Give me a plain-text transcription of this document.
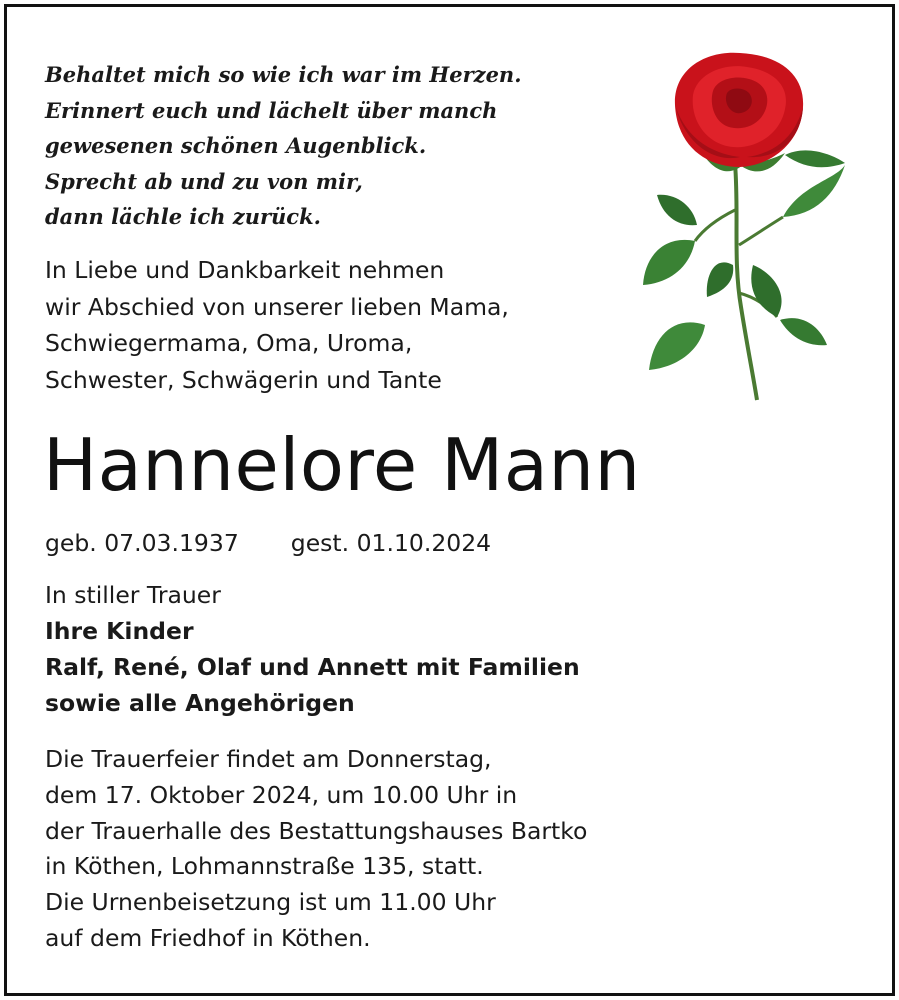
Behaltet mich so wie ich war im Herzen.
Erinnert euch und lächelt über manch
gewesenen schönen Augenblick.
Sprecht ab und zu von mir,
dann lächle ich zurück.
In Liebe und Dankbarkeit nehmen
wir Abschied von unserer lieben Mama,
Schwiegermama, Oma, Uroma,
Schwester, Schwägerin und Tante
Hannelore Mann
geb. 07.03.1937 gest. 01.10.2024
In stiller Trauer
Ihre Kinder
Ralf, René, Olaf und Annett mit Familien
sowie alle Angehörigen
Die Trauerfeier findet am Donnerstag,
dem 17. Oktober 2024, um 10.00 Uhr in
der Trauerhalle des Bestattungshauses Bartko
in Köthen, Lohmannstraße 135, statt.
Die Urnenbeisetzung ist um 11.00 Uhr
auf dem Friedhof in Köthen.
